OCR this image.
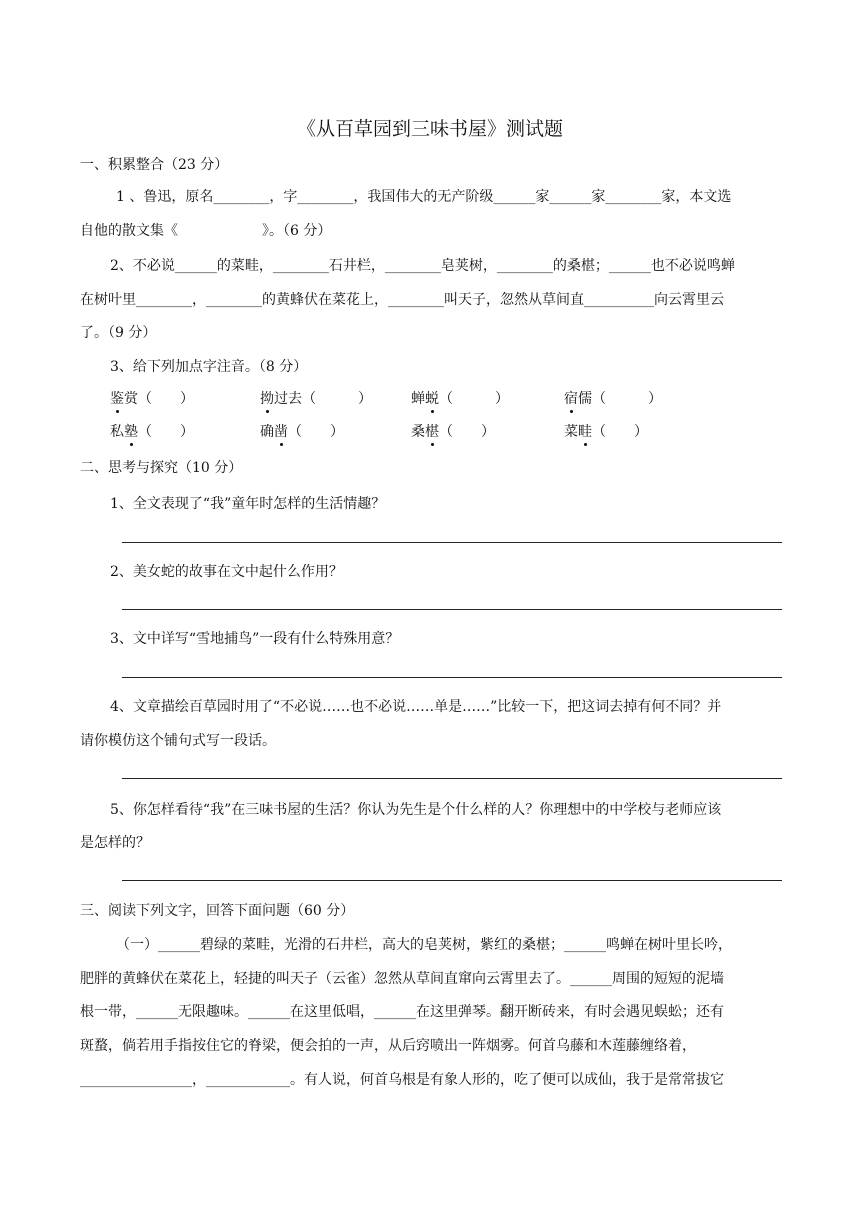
《从百草园到三味书屋》测试题
一、积累整合（23 分）
1 、鲁迅，原名________，字________，我国伟大的无产阶级______家______家________家，本文选
自他的散文集《　　　　　　》。（6 分）
2、不必说______的菜畦，________石井栏，________皂荚树，________的桑椹；______也不必说鸣蝉
在树叶里________，________的黄蜂伏在菜花上，________叫天子，忽然从草间直__________向云霄里云
了。（9 分）
3、给下列加点字注音。（8 分）
鉴赏（　　）	拗过去（　　　）	蝉蜕（　　　）	宿儒（　　　）
私塾（　　）	确凿（　　）	桑椹（　　）	菜畦（　　）
二、思考与探究（10 分）
1、全文表现了“我”童年时怎样的生活情趣？
2、美女蛇的故事在文中起什么作用？
3、文中详写“雪地捕鸟”一段有什么特殊用意？
4、文章描绘百草园时用了“不必说……也不必说……单是……”比较一下，把这词去掉有何不同？并
请你模仿这个铺句式写一段话。
5、你怎样看待“我”在三味书屋的生活？你认为先生是个什么样的人？你理想中的中学校与老师应该
是怎样的？
三、阅读下列文字，回答下面问题（60 分）
（一）______碧绿的菜畦，光滑的石井栏，高大的皂荚树，紫红的桑椹；______鸣蝉在树叶里长吟，
肥胖的黄蜂伏在菜花上，轻捷的叫天子（云雀）忽然从草间直窜向云霄里去了。______周围的短短的泥墙
根一带，______无限趣味。______在这里低唱，______在这里弹琴。翻开断砖来，有时会遇见蜈蚣；还有
斑蝥，倘若用手指按住它的脊梁，便会拍的一声，从后窍喷出一阵烟雾。何首乌藤和木莲藤缠络着，
________________，____________。有人说，何首乌根是有象人形的，吃了便可以成仙，我于是常常拔它
